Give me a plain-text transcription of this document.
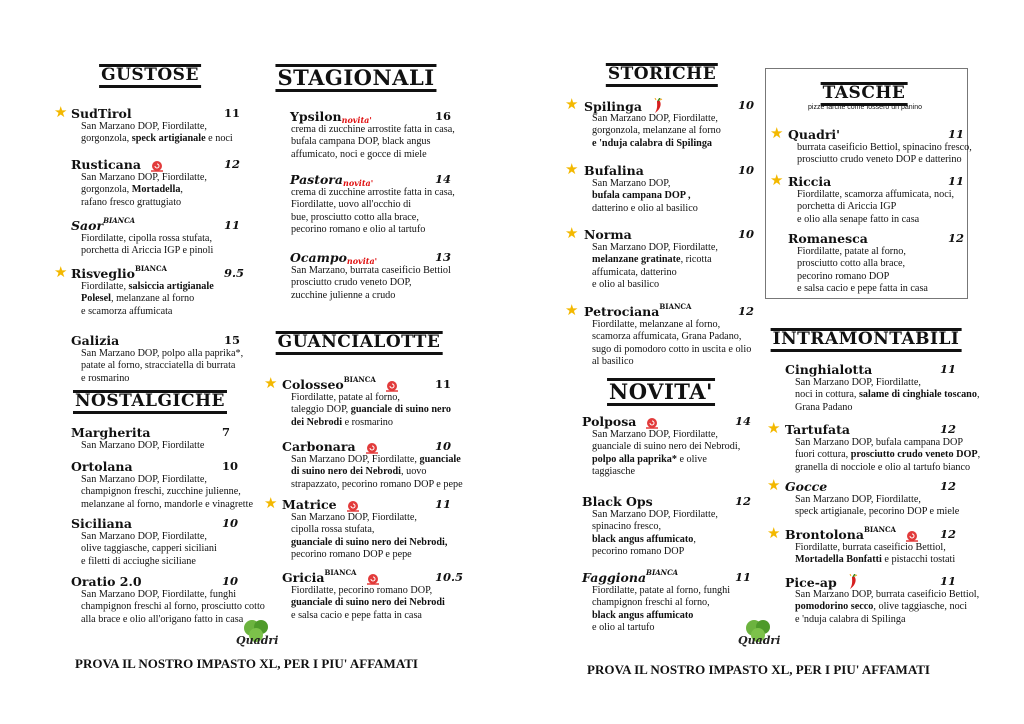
pizze farcite come fossero un panino
GUSTOSE
★ SudTirol	11
San Marzano DOP, Fiordilatte,
gorgonzola, speck artigianale e noci
Rusticana	12
San Marzano DOP, Fiordilatte,
gorgonzola, Mortadella,
rafano fresco grattugiato
Saor$^{BIANCA}$	11
Fiordilatte, cipolla rossa stufata,
porchetta di Ariccia IGP e pinoli
★ Risveglio$^{BIANCA}$	9.5
Fiordilatte, salsiccia artigianale
Polesel, melanzane al forno
e scamorza affumicata
Galizia	15
San Marzano DOP, polpo alla paprika*,
patate al forno, stracciatella di burrata
e rosmarino
NOSTALGICHE
Margherita	7
San Marzano DOP, Fiordilatte
Ortolana	10
San Marzano DOP, Fiordilatte,
champignon freschi, zucchine julienne,
melanzane al forno, mandorle e vinagrette
Siciliana	10
San Marzano DOP, Fiordilatte,
olive taggiasche, capperi siciliani
e filetti di acciughe siciliane
Oratio 2.0	10
San Marzano DOP, Fiordilatte, funghi
champignon freschi al forno, prosciutto cotto
alla brace e olio all'origano fatto in casa
STAGIONALI
Ypsilonnovita'	16
crema di zucchine arrostite fatta in casa,
bufala campana DOP, black angus
affumicato, noci e gocce di miele
Pastoranovita'	14
crema di zucchine arrostite fatta in casa,
Fiordilatte, uovo all'occhio di
bue, prosciutto cotto alla brace,
pecorino romano e olio al tartufo
Ocamponovita'	13
San Marzano, burrata caseificio Bettiol
prosciutto crudo veneto DOP,
zucchine julienne a crudo
GUANCIALOTTE
★ Colosseo$^{BIANCA}$	11
Fiordilatte, patate al forno,
taleggio DOP, guanciale di suino nero
dei Nebrodi e rosmarino
Carbonara	10
San Marzano DOP, Fiordilatte, guanciale
di suino nero dei Nebrodi, uovo
strapazzato, pecorino romano DOP e pepe
★ Matrice	11
San Marzano DOP, Fiordilatte,
cipolla rossa stufata,
guanciale di suino nero dei Nebrodi,
pecorino romano DOP e pepe
Gricia$^{BIANCA}$	10.5
Fiordilatte, pecorino romano DOP,
guanciale di suino nero dei Nebrodi
e salsa cacio e pepe fatta in casa
STORICHE
★ Spilinga	10
San Marzano DOP, Fiordilatte,
gorgonzola, melanzane al forno
e 'nduja calabra di Spilinga
★ Bufalina	10
San Marzano DOP,
bufala campana DOP ,
datterino e olio al basilico
★ Norma	10
San Marzano DOP, Fiordilatte,
melanzane gratinate, ricotta
affumicata, datterino
e olio al basilico
★ Petrociana$^{BIANCA}$	12
Fiordilatte, melanzane al forno,
scamorza affumicata, Grana Padano,
sugo di pomodoro cotto in uscita e olio
al basilico
NOVITA'
Polposa	14
San Marzano DOP, Fiordilatte,
guanciale di suino nero dei Nebrodi,
polpo alla paprika* e olive
taggiasche
Black Ops	12
San Marzano DOP, Fiordilatte,
spinacino fresco,
black angus affumicato,
pecorino romano DOP
Faggiona$^{BIANCA}$	11
Fiordilatte, patate al forno, funghi
champignon freschi al forno,
black angus affumicato
e olio al tartufo
TASCHE
★ Quadri'	11
burrata caseificio Bettiol, spinacino fresco,
prosciutto crudo veneto DOP e datterino
★ Riccia	11
Fiordilatte, scamorza affumicata, noci,
porchetta di Ariccia IGP
e olio alla senape fatto in casa
Romanesca	12
Fiordilatte, patate al forno,
prosciutto cotto alla brace,
pecorino romano DOP
e salsa cacio e pepe fatta in casa
INTRAMONTABILI
Cinghialotta	11
San Marzano DOP, Fiordilatte,
noci in cottura, salame di cinghiale toscano,
Grana Padano
★ Tartufata	12
San Marzano DOP, bufala campana DOP
fuori cottura, prosciutto crudo veneto DOP,
granella di nocciole e olio al tartufo bianco
★ Gocce	12
San Marzano DOP, Fiordilatte,
speck artigianale, pecorino DOP e miele
★ Brontolona$^{BIANCA}$	12
Fiordilatte, burrata caseificio Bettiol,
Mortadella Bonfatti e pistacchi tostati
Pice-ap	11
San Marzano DOP, burrata caseificio Bettiol,
pomodorino secco, olive taggiasche, noci
e 'nduja calabra di Spilinga
PROVA IL NOSTRO IMPASTO XL, PER I PIU' AFFAMATI	PROVA IL NOSTRO IMPASTO XL, PER I PIU' AFFAMATI
Quadri	Quadri
